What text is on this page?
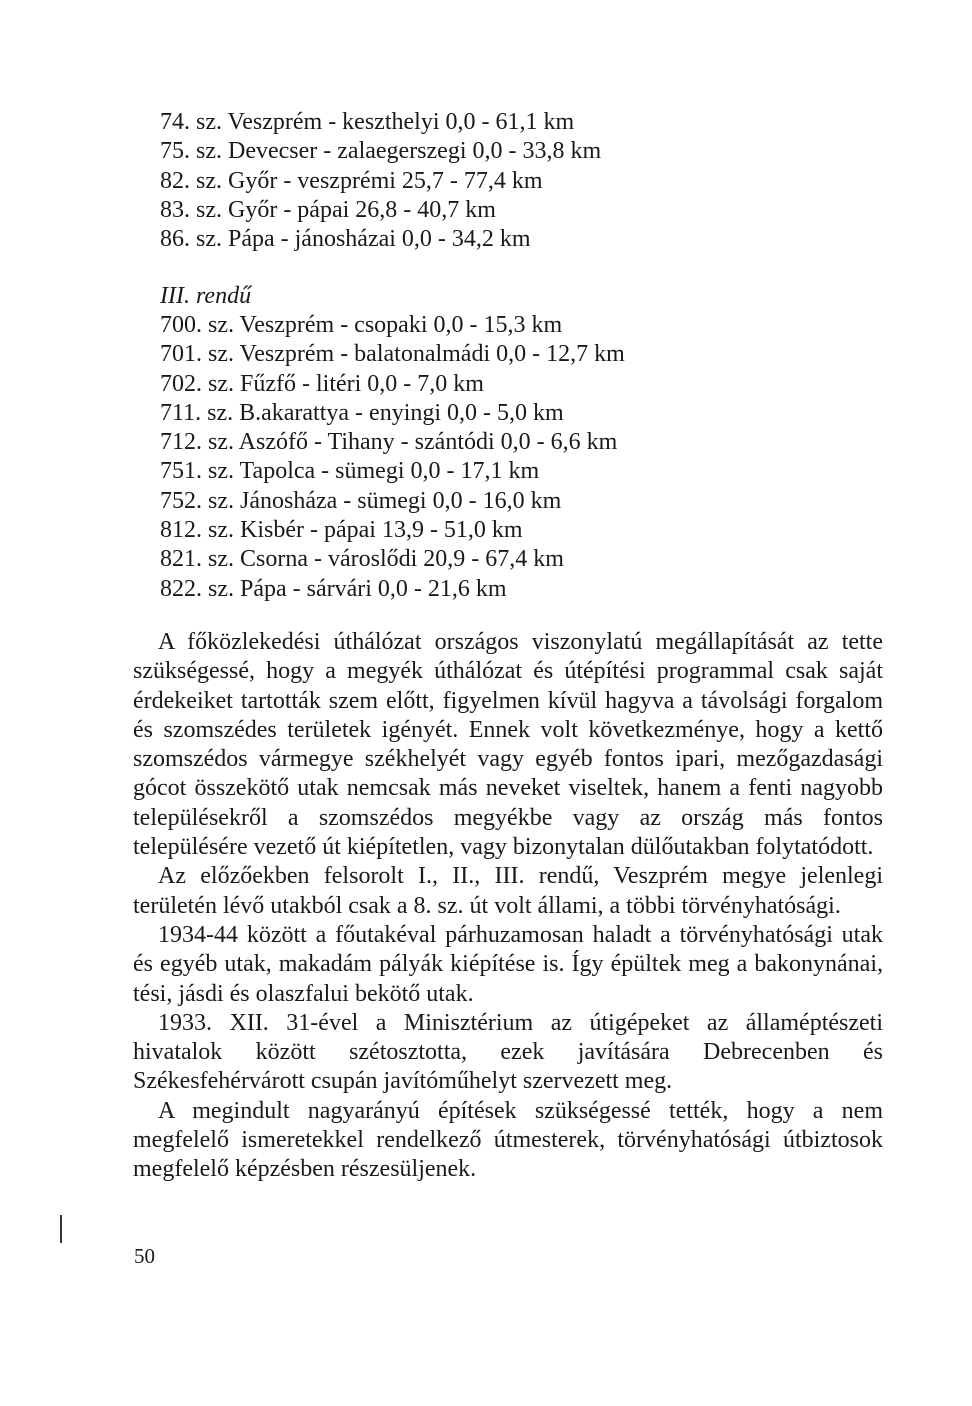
74. sz. Veszprém - keszthelyi 0,0 - 61,1 km
75. sz. Devecser - zalaegerszegi 0,0 - 33,8 km
82. sz. Győr - veszprémi 25,7 - 77,4 km
83. sz. Győr - pápai 26,8 - 40,7 km
86. sz. Pápa - jánosházai 0,0 - 34,2 km
III. rendű
700. sz. Veszprém - csopaki 0,0 - 15,3 km
701. sz. Veszprém - balatonalmádi 0,0 - 12,7 km
702. sz. Fűzfő - litéri 0,0 - 7,0 km
711. sz. B.akarattya - enyingi 0,0 - 5,0 km
712. sz. Aszófő - Tihany - szántódi 0,0 - 6,6 km
751. sz. Tapolca - sümegi 0,0 - 17,1 km
752. sz. Jánosháza - sümegi 0,0 - 16,0 km
812. sz. Kisbér - pápai 13,9 - 51,0 km
821. sz. Csorna - városlődi 20,9 - 67,4 km
822. sz. Pápa - sárvári 0,0 - 21,6 km

A főközlekedési úthálózat országos viszonylatú megállapítását az tette szükségessé, hogy a megyék úthálózat és útépítési programmal csak saját érdekeiket tartották szem előtt, figyelmen kívül hagyva a távolsági forgalom és szomszédes területek igényét. Ennek volt következménye, hogy a kettő szomszédos vármegye székhelyét vagy egyéb fontos ipari, mezőgazdasági gócot összekötő utak nemcsak más neveket viseltek, hanem a fenti nagyobb településekről a szomszédos megyékbe vagy az ország más fontos településére vezető út kiépítetlen, vagy bizonytalan dülőutakban folytatódott.

Az előzőekben felsorolt I., II., III. rendű, Veszprém megye jelenlegi területén lévő utakból csak a 8. sz. út volt állami, a többi törvényhatósági.

1934-44 között a főutakéval párhuzamosan haladt a törvényhatósági utak és egyéb utak, makadám pályák kiépítése is. Így épültek meg a bakonynánai, tési, jásdi és olaszfalui bekötő utak.

1933. XII. 31-ével a Minisztérium az útigépeket az államéptészeti hivatalok között szétosztotta, ezek javítására Debrecenben és Székesfehérvárott csupán javítóműhelyt szervezett meg.

A megindult nagyarányú építések szükségessé tették, hogy a nem megfelelő ismeretekkel rendelkező útmesterek, törvényhatósági útbiztosok megfelelő képzésben részesüljenek.

50
